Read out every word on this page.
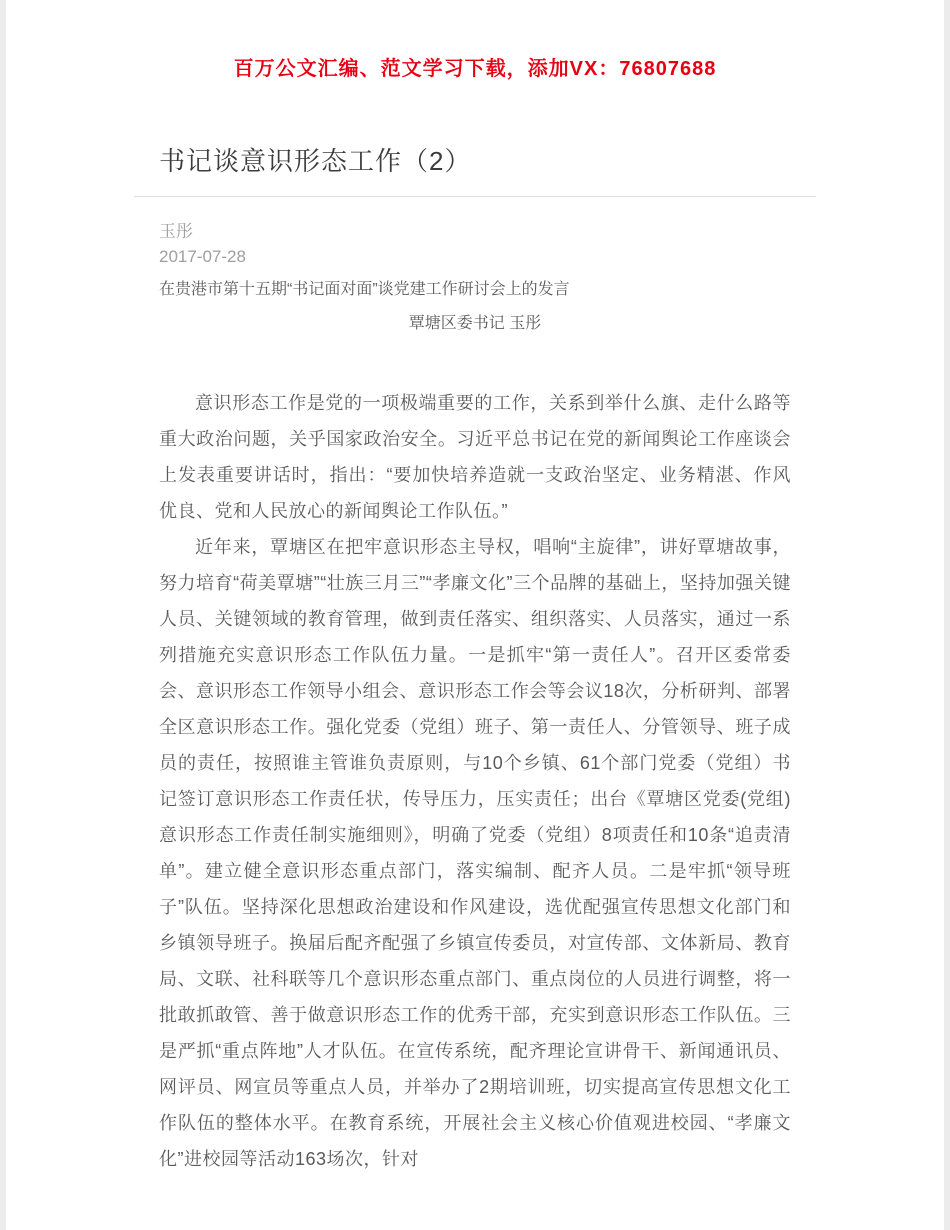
百万公文汇编、范文学习下载，添加VX：76807688
书记谈意识形态工作（2）
玉彤
2017-07-28
在贵港市第十五期“书记面对面”谈党建工作研讨会上的发言
覃塘区委书记 玉彤

意识形态工作是党的一项极端重要的工作，关系到举什么旗、走什么路等重大政治问题，关乎国家政治安全。习近平总书记在党的新闻舆论工作座谈会上发表重要讲话时，指出：“要加快培养造就一支政治坚定、业务精湛、作风优良、党和人民放心的新闻舆论工作队伍。”

近年来，覃塘区在把牢意识形态主导权，唱响“主旋律”，讲好覃塘故事，努力培育“荷美覃塘”“壮族三月三”“孝廉文化”三个品牌的基础上，坚持加强关键人员、关键领域的教育管理，做到责任落实、组织落实、人员落实，通过一系列措施充实意识形态工作队伍力量。一是抓牢“第一责任人”。召开区委常委会、意识形态工作领导小组会、意识形态工作会等会议18次，分析研判、部署全区意识形态工作。强化党委（党组）班子、第一责任人、分管领导、班子成员的责任，按照谁主管谁负责原则，与10个乡镇、61个部门党委（党组）书记签订意识形态工作责任状，传导压力，压实责任；出台《覃塘区党委(党组)意识形态工作责任制实施细则》，明确了党委（党组）8项责任和10条“追责清单”。建立健全意识形态重点部门，落实编制、配齐人员。二是牢抓“领导班子”队伍。坚持深化思想政治建设和作风建设，选优配强宣传思想文化部门和乡镇领导班子。换届后配齐配强了乡镇宣传委员，对宣传部、文体新局、教育局、文联、社科联等几个意识形态重点部门、重点岗位的人员进行调整，将一批敢抓敢管、善于做意识形态工作的优秀干部，充实到意识形态工作队伍。三是严抓“重点阵地”人才队伍。在宣传系统，配齐理论宣讲骨干、新闻通讯员、网评员、网宣员等重点人员，并举办了2期培训班，切实提高宣传思想文化工作队伍的整体水平。在教育系统，开展社会主义核心价值观进校园、“孝廉文化”进校园等活动163场次，针对
